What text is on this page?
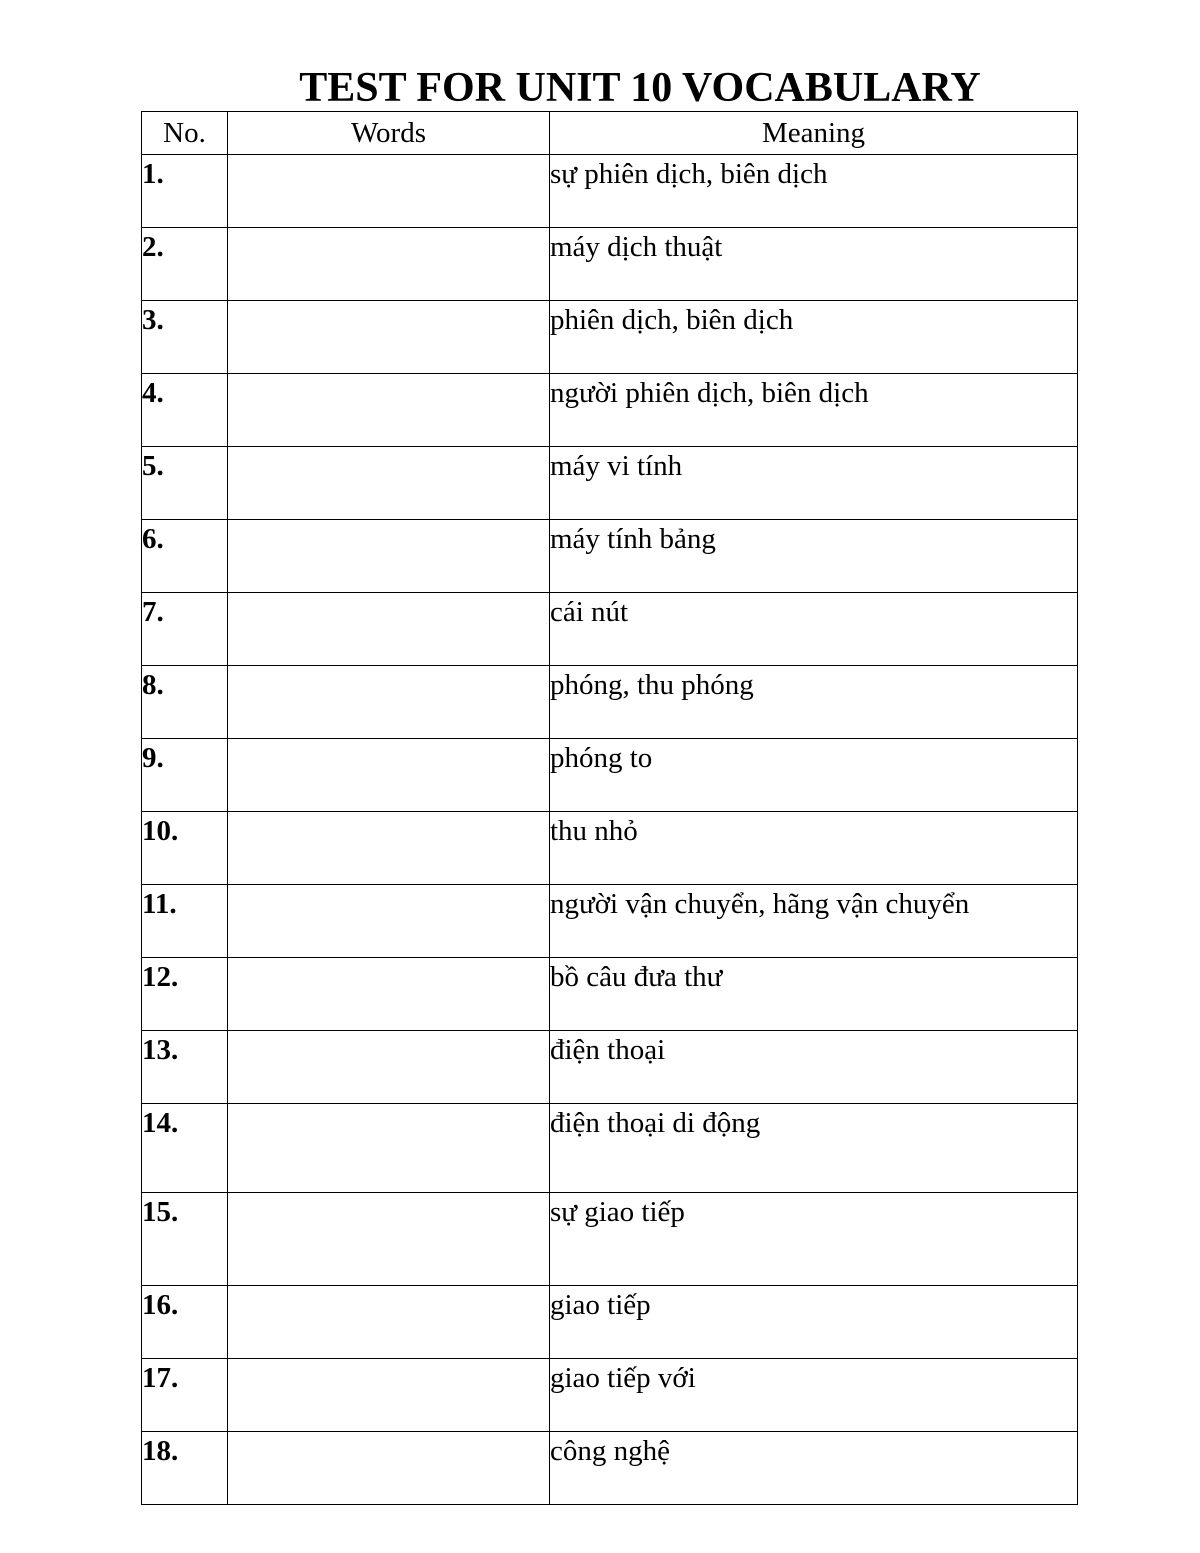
TEST FOR UNIT 10 VOCABULARY
No.	Words	Meaning
1.		sự phiên dịch, biên dịch
2.		máy dịch thuật
3.		phiên dịch, biên dịch
4.		người phiên dịch, biên dịch
5.		máy vi tính
6.		máy tính bảng
7.		cái nút
8.		phóng, thu phóng
9.		phóng to
10.		thu nhỏ
11.		người vận chuyển, hãng vận chuyển
12.		bồ câu đưa thư
13.		điện thoại
14.		điện thoại di động
15.		sự giao tiếp
16.		giao tiếp
17.		giao tiếp với
18.		công nghệ
